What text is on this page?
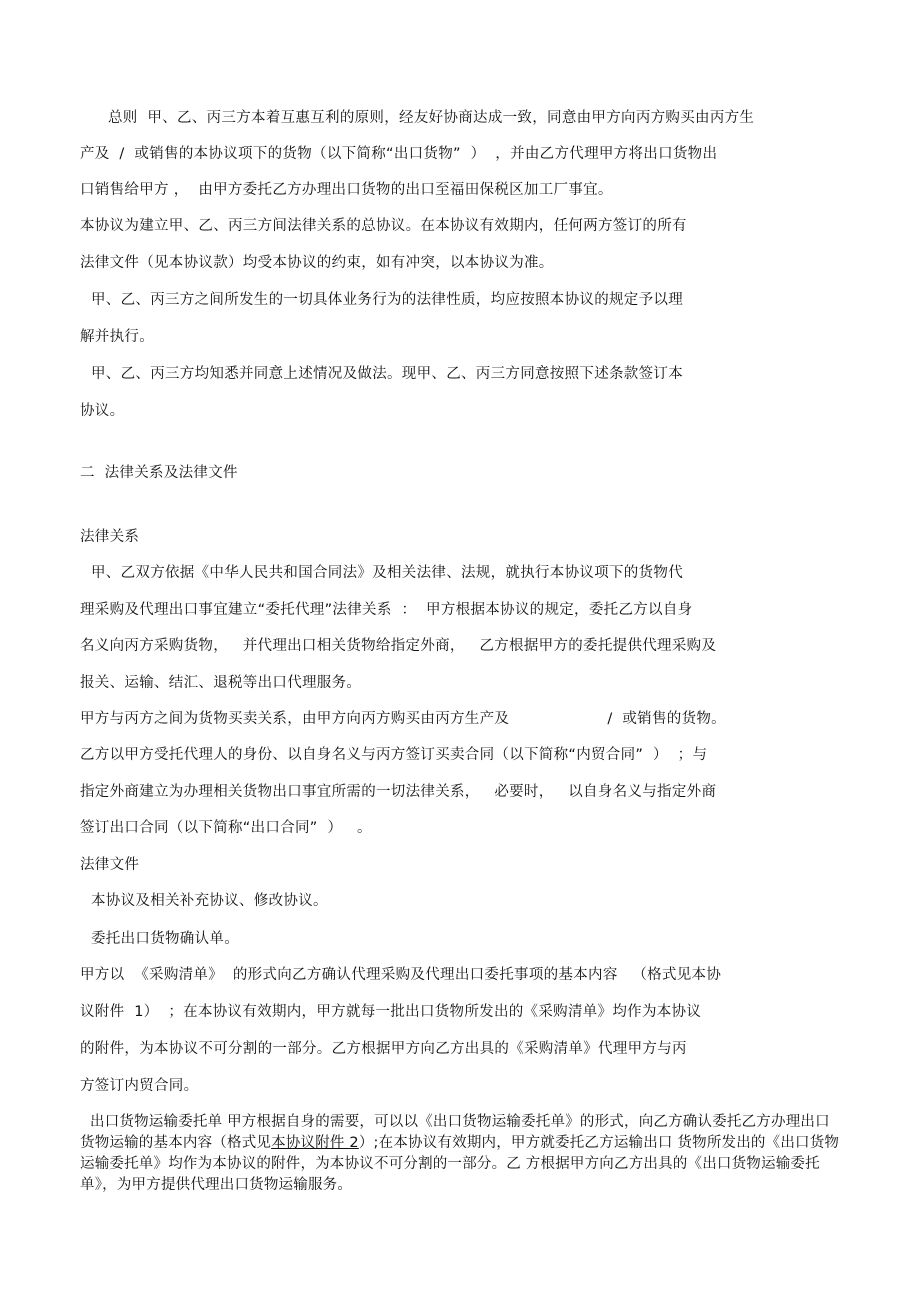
总则  甲、乙、丙三方本着互惠互利的原则，经友好协商达成一致，同意由甲方向丙方购买由丙方生
产及  /  或销售的本协议项下的货物（以下简称“出口货物”  ）  ，并由乙方代理甲方将出口货物出
口销售给甲方 ，  由甲方委托乙方办理出口货物的出口至福田保税区加工厂事宜。
本协议为建立甲、乙、丙三方间法律关系的总协议。在本协议有效期内，任何两方签订的所有
法律文件（见本协议款）均受本协议的约束，如有冲突，以本协议为准。
甲、乙、丙三方之间所发生的一切具体业务行为的法律性质，均应按照本协议的规定予以理
解并执行。
甲、乙、丙三方均知悉并同意上述情况及做法。现甲、乙、丙三方同意按照下述条款签订本
协议。
二  法律关系及法律文件
法律关系
甲、乙双方依据《中华人民共和国合同法》及相关法律、法规，就执行本协议项下的货物代
理采购及代理出口事宜建立“委托代理”法律关系  ：  甲方根据本协议的规定，委托乙方以自身
名义向丙方采购货物，   并代理出口相关货物给指定外商，   乙方根据甲方的委托提供代理采购及
报关、运输、结汇、退税等出口代理服务。
甲方与丙方之间为货物买卖关系，由甲方向丙方购买由丙方生产及                    /  或销售的货物。
乙方以甲方受托代理人的身份、以自身名义与丙方签订买卖合同（以下简称“内贸合同”  ）  ；与
指定外商建立为办理相关货物出口事宜所需的一切法律关系，   必要时，   以自身名义与指定外商
签订出口合同（以下简称“出口合同”  ）   。
法律文件
本协议及相关补充协议、修改协议。
委托出口货物确认单。
甲方以  《采购清单》  的形式向乙方确认代理采购及代理出口委托事项的基本内容   （格式见本协
议附件  1）  ；在本协议有效期内，甲方就每一批出口货物所发出的《采购清单》均作为本协议
的附件，为本协议不可分割的一部分。乙方根据甲方向乙方出具的《采购清单》代理甲方与丙
方签订内贸合同。
出口货物运输委托单 甲方根据自身的需要，可以以《出口货物运输委托单》的形式，向乙方确认委托乙方办理出口 货物运输的基本内容（格式见本协议附件 2）;在本协议有效期内，甲方就委托乙方运输出口 货物所发出的《出口货物运输委托单》均作为本协议的附件，为本协议不可分割的一部分。乙 方根据甲方向乙方出具的《出口货物运输委托单》，为甲方提供代理出口货物运输服务。
